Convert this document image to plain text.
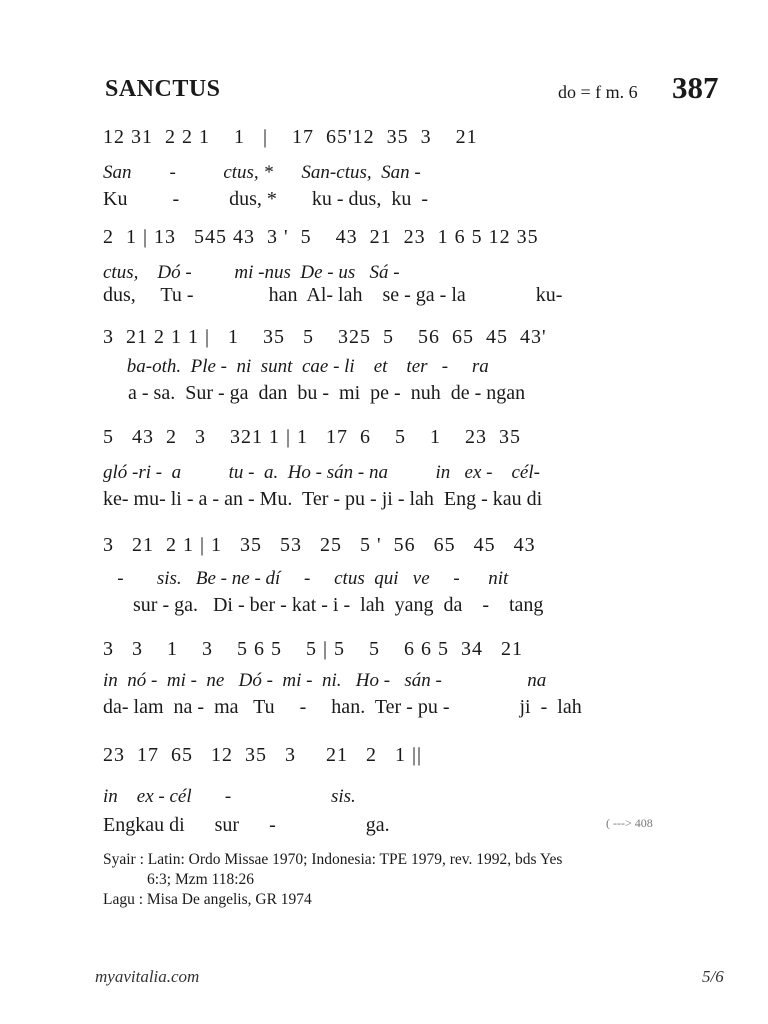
SANCTUS	do = f m. 6 387
12 31  2 2 1    1   |    17  65'12  35  3    21
San        -          ctus, *      San-ctus,  San -
Ku         -          dus, *       ku - dus,  ku  -
2  1 | 13   545 43  3 '  5    43  21  23  1 6 5 12 35
ctus,    Dó -         mi -nus  De - us   Sá -
dus,     Tu -               han  Al- lah    se - ga - la              ku-
3  21 2 1 1 |   1    35   5    325  5    56  65  45  43'
ba-oth.  Ple -  ni  sunt  cae - li    et    ter   -     ra
a - sa.  Sur - ga  dan  bu -  mi  pe -  nuh  de - ngan
5   43  2   3    321 1 | 1   17  6    5    1    23  35
gló -ri -  a          tu -  a.  Ho - sán - na          in   ex -    cél-
ke- mu- li - a - an - Mu.  Ter - pu - ji - lah  Eng - kau di
3   21  2 1 | 1   35   53   25   5 '  56   65   45   43
-       sis.   Be - ne - dí     -     ctus  qui   ve     -      nit
sur - ga.   Di - ber - kat - i -  lah  yang  da    -    tang
3   3    1    3    5 6 5    5 | 5    5    6 6 5  34   21
in  nó -  mi -  ne   Dó -  mi -  ni.   Ho -   sán -                  na
da- lam  na -  ma   Tu     -     han.  Ter - pu -              ji  -  lah
23  17  65   12  35   3     21   2   1 ||
in    ex - cél       -                     sis.
Engkau di      sur      -                  ga.	( ---> 408
Syair : Latin: Ordo Missae 1970; Indonesia: TPE 1979, rev. 1992, bds Yes
6:3; Mzm 118:26
Lagu : Misa De angelis, GR 1974
myavitalia.com	5/6
